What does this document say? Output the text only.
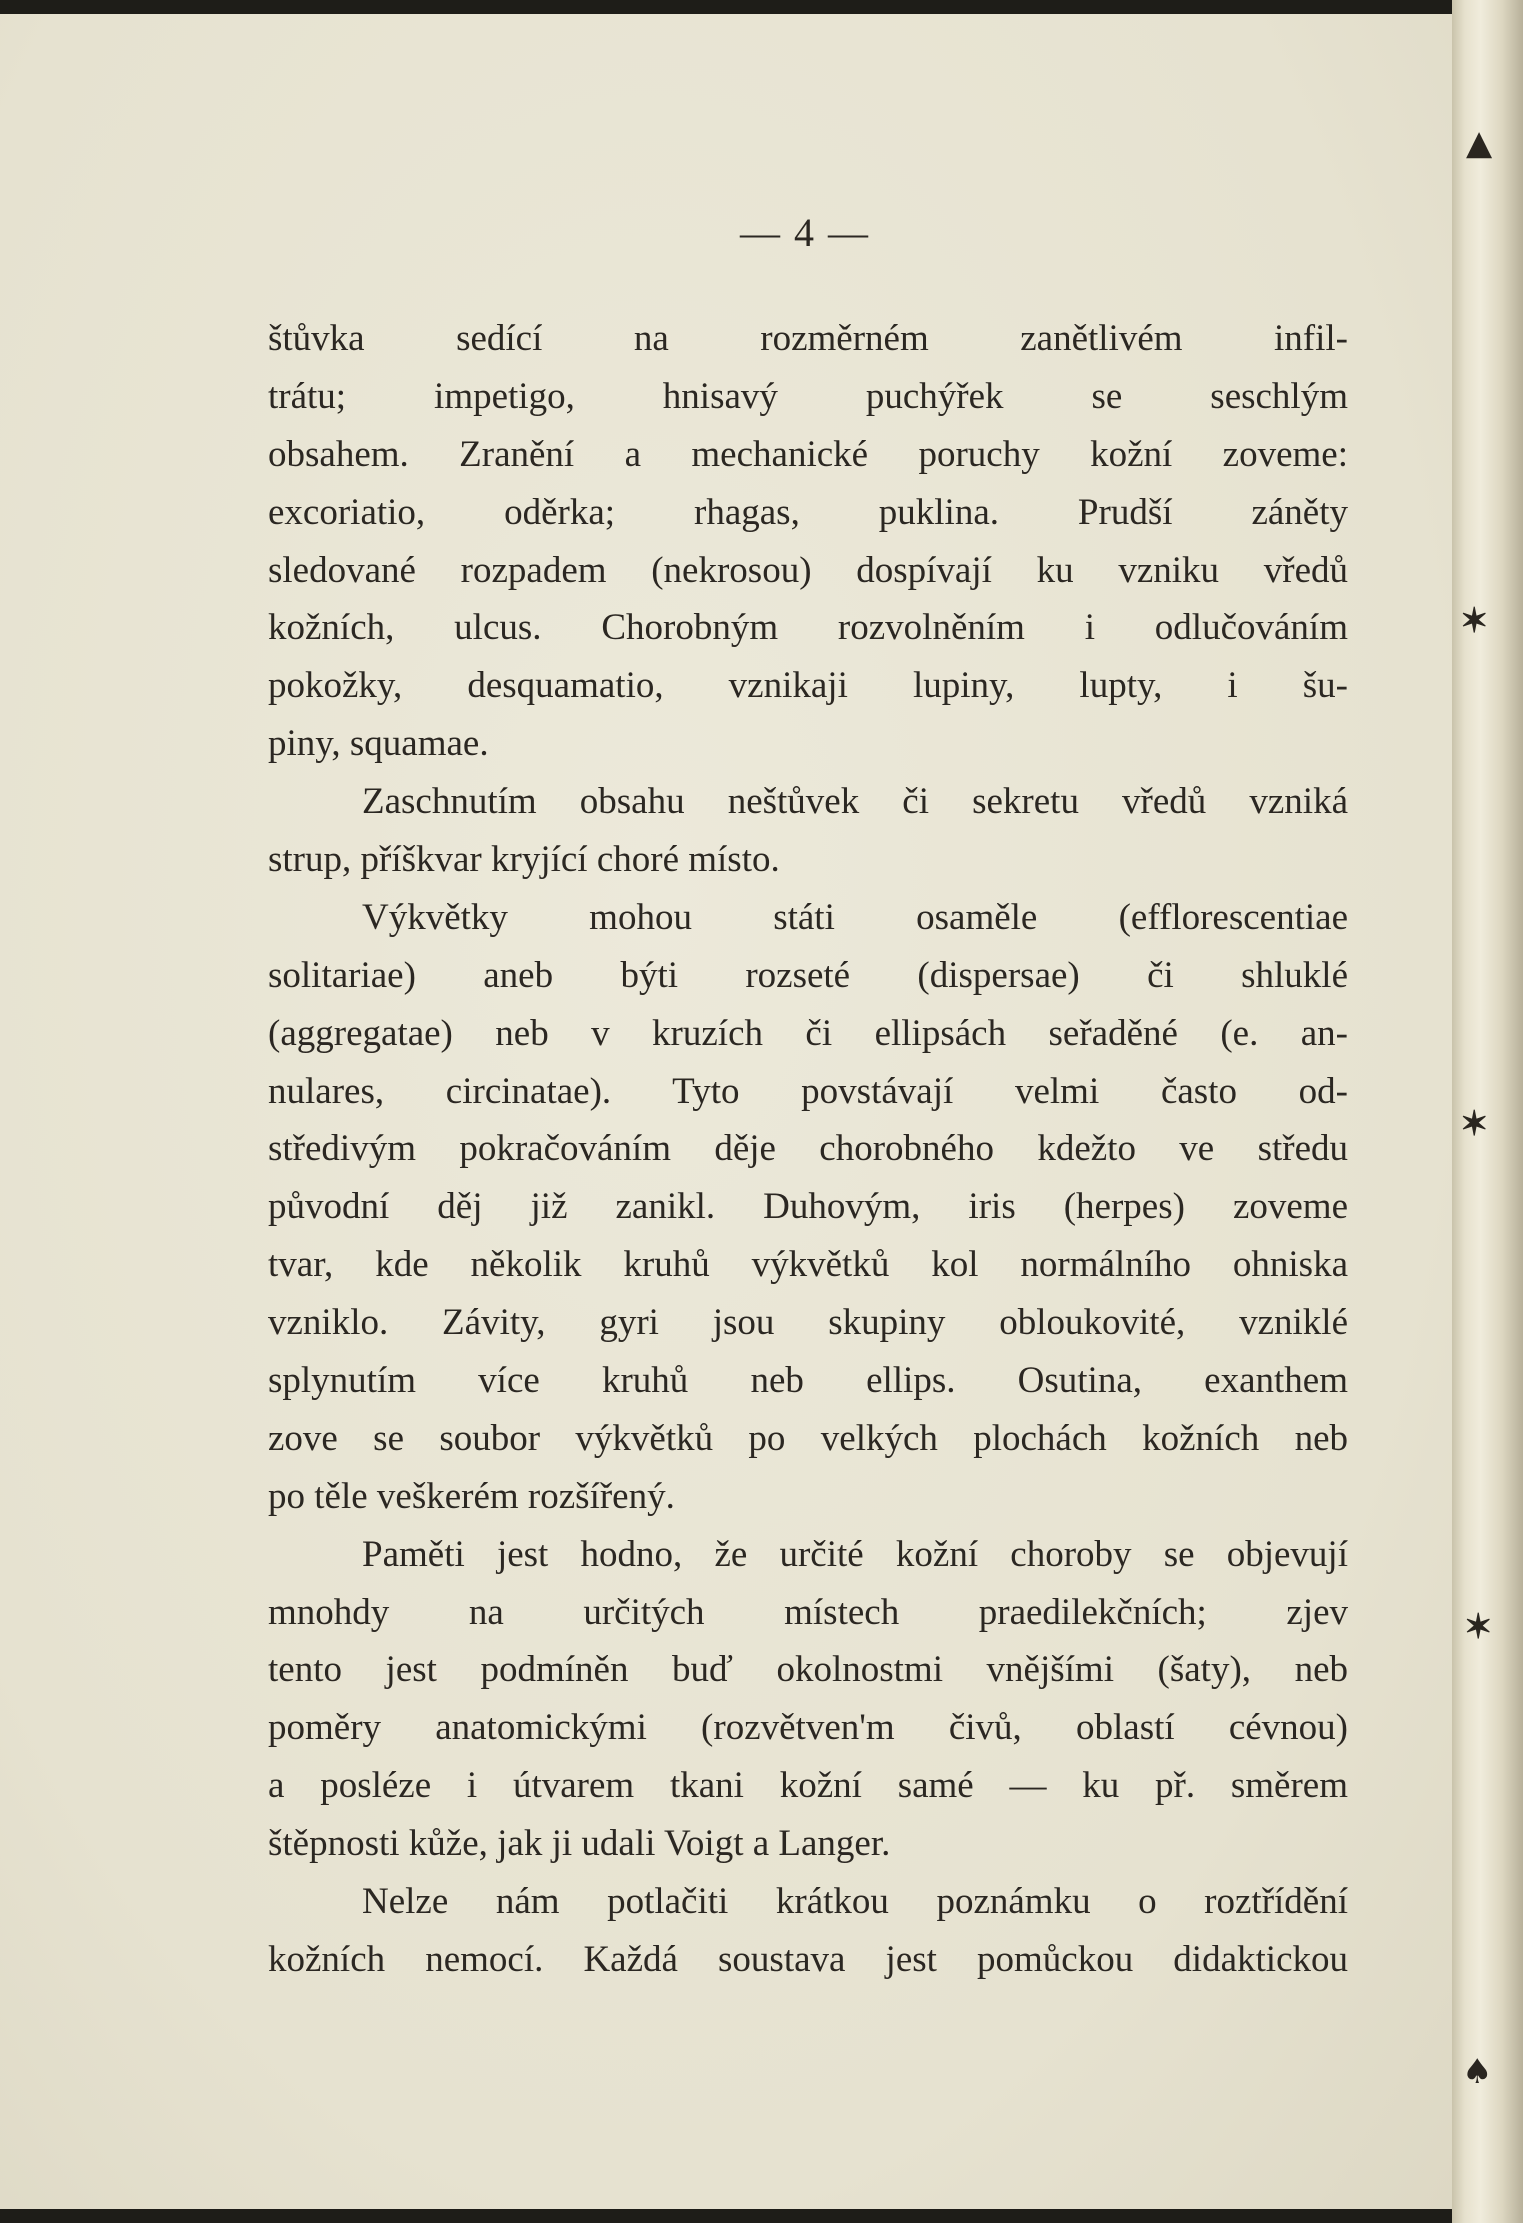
— 4 —
štůvka sedící na rozměrném zanětlivém infil-
trátu; impetigo, hnisavý puchýřek se seschlým
obsahem. Zranění a mechanické poruchy kožní zoveme:
excoriatio, oděrka; rhagas, puklina. Prudší záněty
sledované rozpadem (nekrosou) dospívají ku vzniku vředů
kožních, ulcus. Chorobným rozvolněním i odlučováním
pokožky, desquamatio, vznikaji lupiny, lupty, i šu-
piny, squamae.
Zaschnutím obsahu neštůvek či sekretu vředů vzniká
strup, příškvar kryjící choré místo.
Výkvětky mohou státi osaměle (efflorescentiae
solitariae) aneb býti rozseté (dispersae) či shluklé
(aggregatae) neb v kruzích či ellipsách seřaděné (e. an-
nulares, circinatae). Tyto povstávají velmi často od-
středivým pokračováním děje chorobného kdežto ve středu
původní děj již zanikl. Duhovým, iris (herpes) zoveme
tvar, kde několik kruhů výkvětků kol normálního ohniska
vzniklo. Závity, gyri jsou skupiny obloukovité, vzniklé
splynutím více kruhů neb ellips. Osutina, exanthem
zove se soubor výkvětků po velkých plochách kožních neb
po těle veškerém rozšířený.
Paměti jest hodno, že určité kožní choroby se objevují
mnohdy na určitých místech praedilekčních; zjev
tento jest podmíněn buď okolnostmi vnějšími (šaty), neb
poměry anatomickými (rozvětven'm čivů, oblastí cévnou)
a posléze i útvarem tkani kožní samé — ku př. směrem
štěpnosti kůže, jak ji udali Voigt a Langer.
Nelze nám potlačiti krátkou poznámku o roztřídění
kožních nemocí. Každá soustava jest pomůckou didaktickou
▲
✶
✶
✶
♠
